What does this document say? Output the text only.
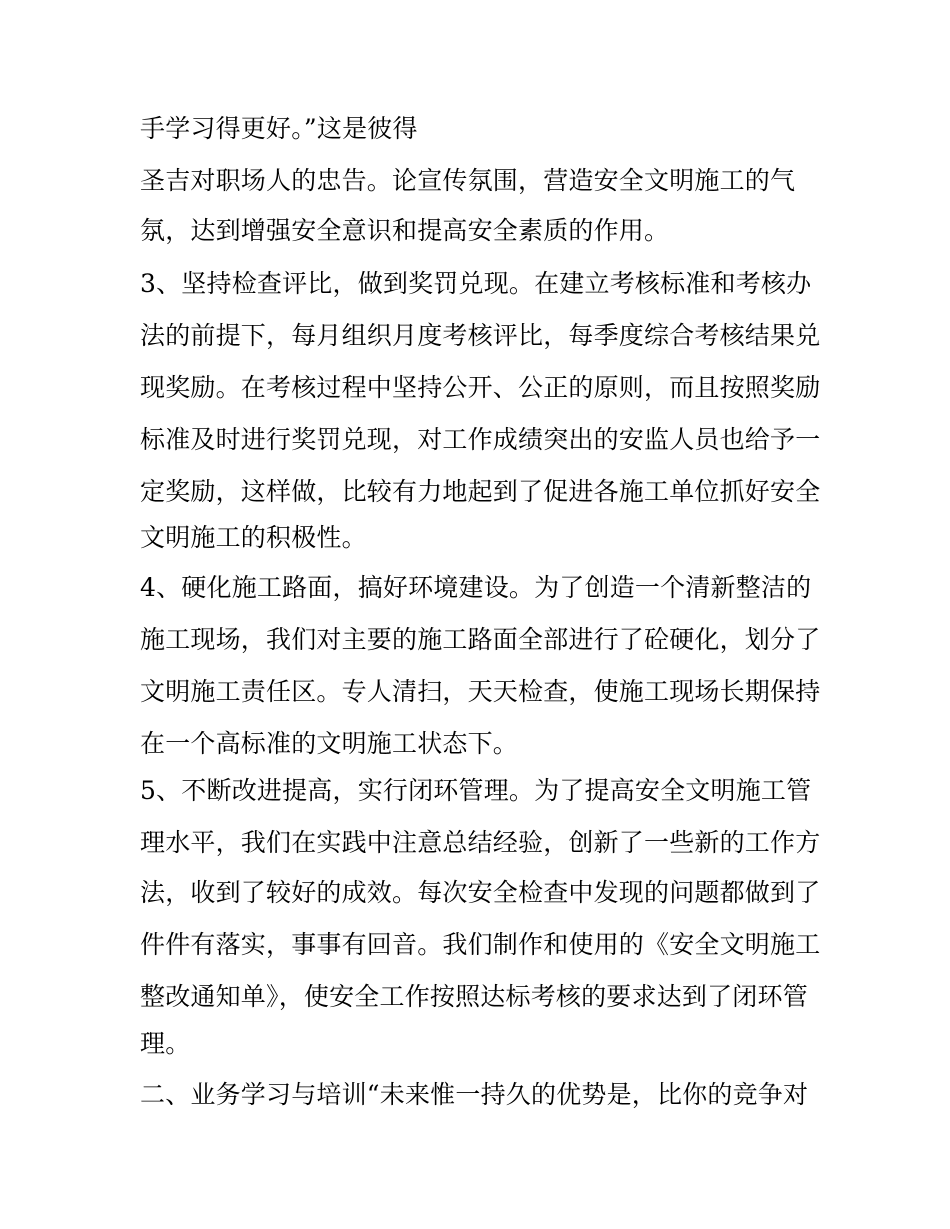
手学习得更好。”这是彼得
圣吉对职场人的忠告。论宣传氛围，营造安全文明施工的气
氛，达到增强安全意识和提高安全素质的作用。
3、坚持检查评比，做到奖罚兑现。在建立考核标准和考核办
法的前提下，每月组织月度考核评比，每季度综合考核结果兑
现奖励。在考核过程中坚持公开、公正的原则，而且按照奖励
标准及时进行奖罚兑现，对工作成绩突出的安监人员也给予一
定奖励，这样做，比较有力地起到了促进各施工单位抓好安全
文明施工的积极性。
4、硬化施工路面，搞好环境建设。为了创造一个清新整洁的
施工现场，我们对主要的施工路面全部进行了砼硬化，划分了
文明施工责任区。专人清扫，天天检查，使施工现场长期保持
在一个高标准的文明施工状态下。
5、不断改进提高，实行闭环管理。为了提高安全文明施工管
理水平，我们在实践中注意总结经验，创新了一些新的工作方
法，收到了较好的成效。每次安全检查中发现的问题都做到了
件件有落实，事事有回音。我们制作和使用的《安全文明施工
整改通知单》，使安全工作按照达标考核的要求达到了闭环管
理。
二、业务学习与培训“未来惟一持久的优势是，比你的竞争对
